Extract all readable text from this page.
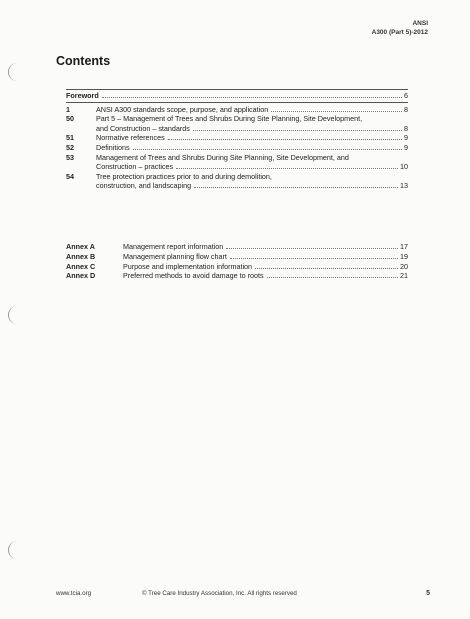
ANSI
A300 (Part 5)-2012
Contents
Foreword	6
1	ANSI A300 standards scope, purpose, and application	8
50	Part 5 – Management of Trees and Shrubs During Site Planning, Site Development,
and Construction – standards	8
51	Normative references	9
52	Definitions	9
53	Management of Trees and Shrubs During Site Planning, Site Development, and
Construction – practices	10
54	Tree protection practices prior to and during demolition,
construction, and landscaping	13
Annex A	Management report information	17
Annex B	Management planning flow chart	19
Annex C	Purpose and implementation information	20
Annex D	Preferred methods to avoid damage to roots	21
www.tcia.org	© Tree Care Industry Association, Inc. All rights reserved	5
